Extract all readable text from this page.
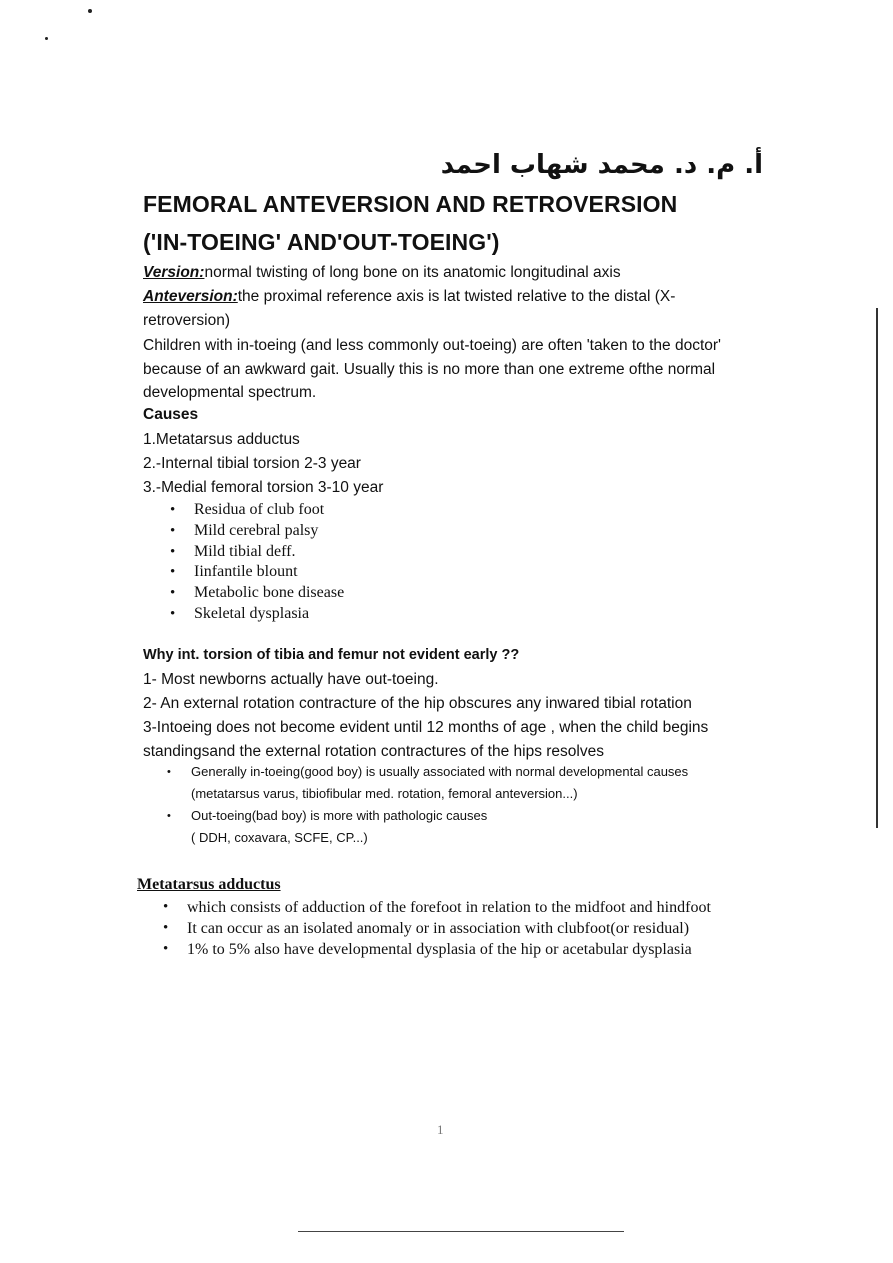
أ. م. د. محمد شهاب احمد
FEMORAL ANTEVERSION AND RETROVERSION
('IN-TOEING' AND'OUT-TOEING')

Version:normal twisting of long bone on its anatomic longitudinal axis

Anteversion:the proximal reference axis is lat twisted relative to the distal (X-retroversion)

Children with in-toeing (and less commonly out-toeing) are often 'taken to the doctor' because of an awkward gait. Usually this is no more than one extreme ofthe normal developmental spectrum.

Causes

1.Metatarsus adductus
2.-Internal tibial torsion 2-3 year
3.-Medial femoral torsion 3-10 year
• Residua of club foot
• Mild cerebral palsy
• Mild tibial deff.
• Iinfantile blount
• Metabolic bone disease
• Skeletal dysplasia

Why int. torsion of tibia and femur not evident early ??

1- Most newborns actually have out-toeing.
2- An external rotation contracture of the hip obscures any inwared tibial rotation
3-Intoeing does not become evident until 12 months of age , when the child begins standingsand the external rotation contractures of the hips resolves
• Generally in-toeing(good boy) is usually associated with normal developmental causes
(metatarsus varus, tibiofibular med. rotation, femoral anteversion...)
• Out-toeing(bad boy) is more with pathologic causes
( DDH, coxavara, SCFE, CP...)

Metatarsus adductus

• which consists of adduction of the forefoot in relation to the midfoot and hindfoot
• It can occur as an isolated anomaly or in association with clubfoot(or residual)
• 1% to 5% also have developmental dysplasia of the hip or acetabular dysplasia
1
